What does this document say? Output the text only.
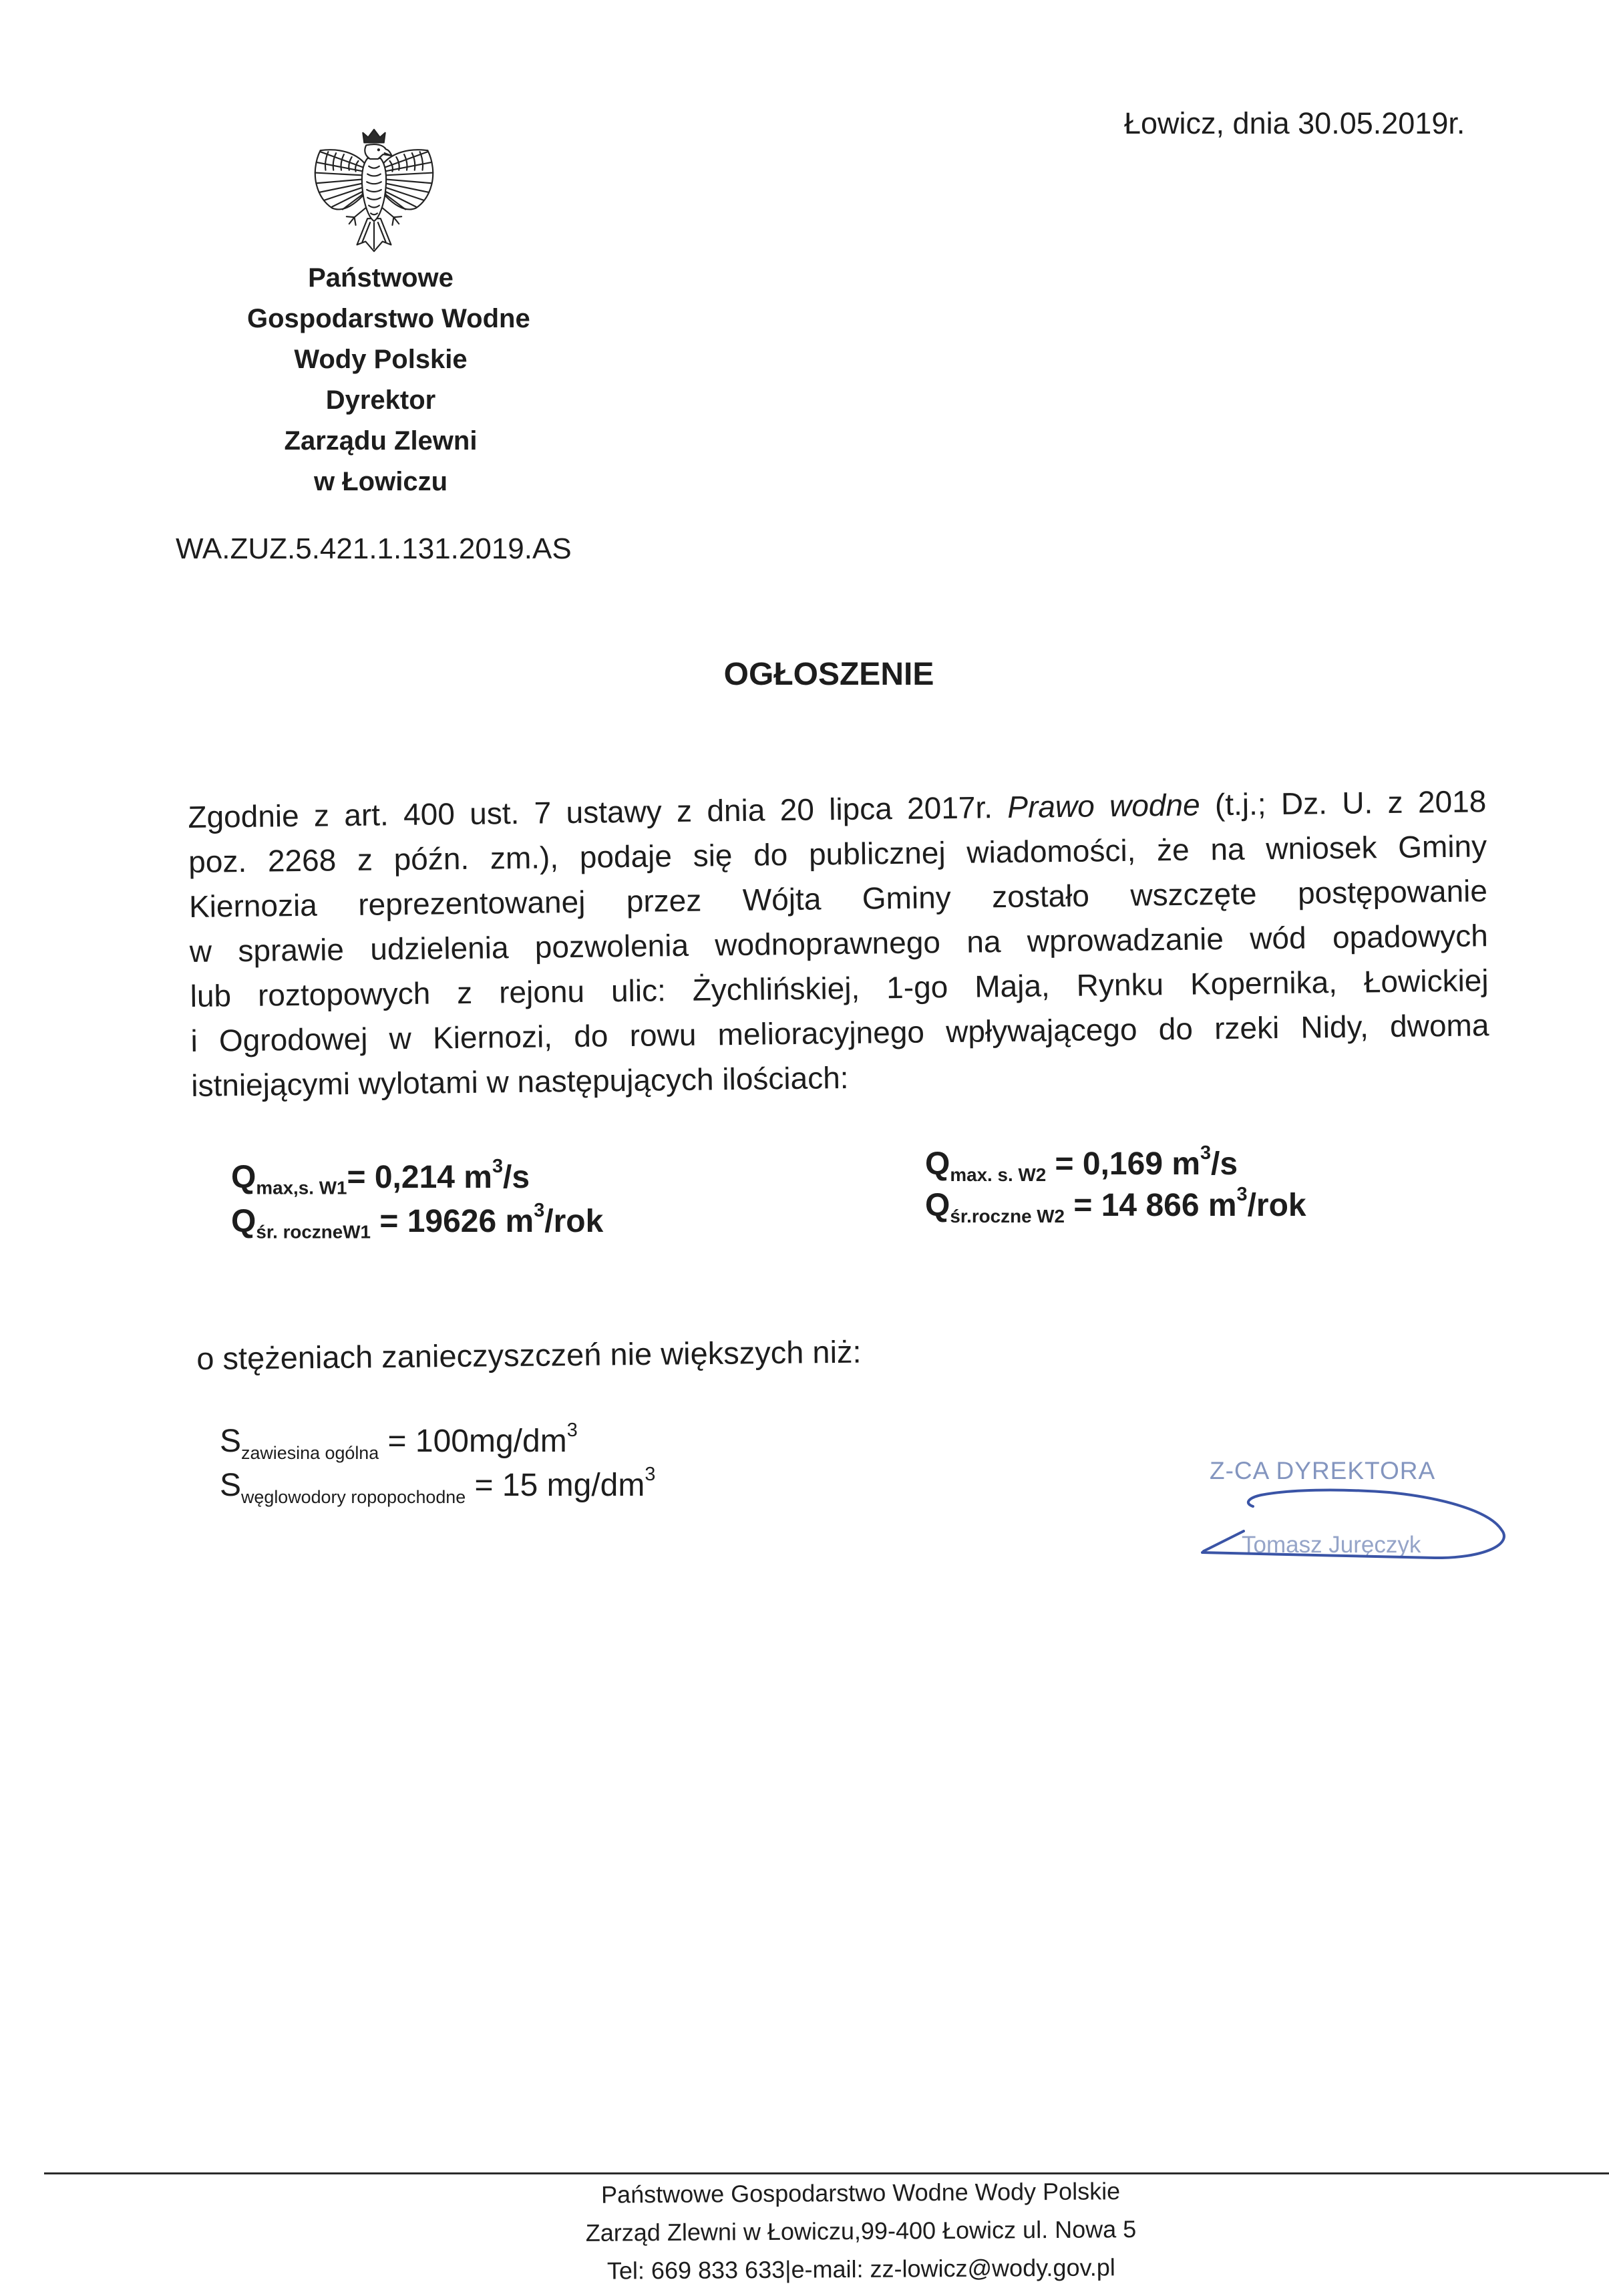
Łowicz, dnia 30.05.2019r.
Państwowe
Gospodarstwo Wodne
Wody Polskie
Dyrektor
Zarządu Zlewni
w Łowiczu
WA.ZUZ.5.421.1.131.2019.AS
OGŁOSZENIE
Zgodnie z art. 400 ust. 7 ustawy z dnia 20 lipca 2017r. Prawo wodne (t.j.; Dz. U. z 2018
poz. 2268 z późn. zm.), podaje się do publicznej wiadomości, że na wniosek Gminy
Kiernozia reprezentowanej przez Wójta Gminy zostało wszczęte postępowanie
w sprawie udzielenia pozwolenia wodnoprawnego na wprowadzanie wód opadowych
lub roztopowych z rejonu ulic: Żychlińskiej, 1-go Maja, Rynku Kopernika, Łowickiej
i Ogrodowej w Kiernozi, do rowu melioracyjnego wpływającego do rzeki Nidy, dwoma
istniejącymi wylotami w następujących ilościach:
$Q_{max,s. W1}= 0,214$ $m^3/s$
$Q_{śr. roczneW1} = 19626$ $m^3$/rok
$Q_{max. s. W2} = 0,169$ $m^3/s$
$Q_{śr.roczne W2} = 14$ 866 $m^3$/rok
o stężeniach zanieczyszczeń nie większych niż:
$S_{zawiesina ogólna} = 100mg/dm^3$
$S_{węglowodory ropopochodne} = 15$ $mg/dm^3$	Z-CA DYREKTORA
Tomasz Juręczyk
Państwowe Gospodarstwo Wodne Wody Polskie
Zarząd Zlewni w Łowiczu,99-400 Łowicz ul. Nowa 5
Tel: 669 833 633|e-mail: zz-lowicz@wody.gov.pl
